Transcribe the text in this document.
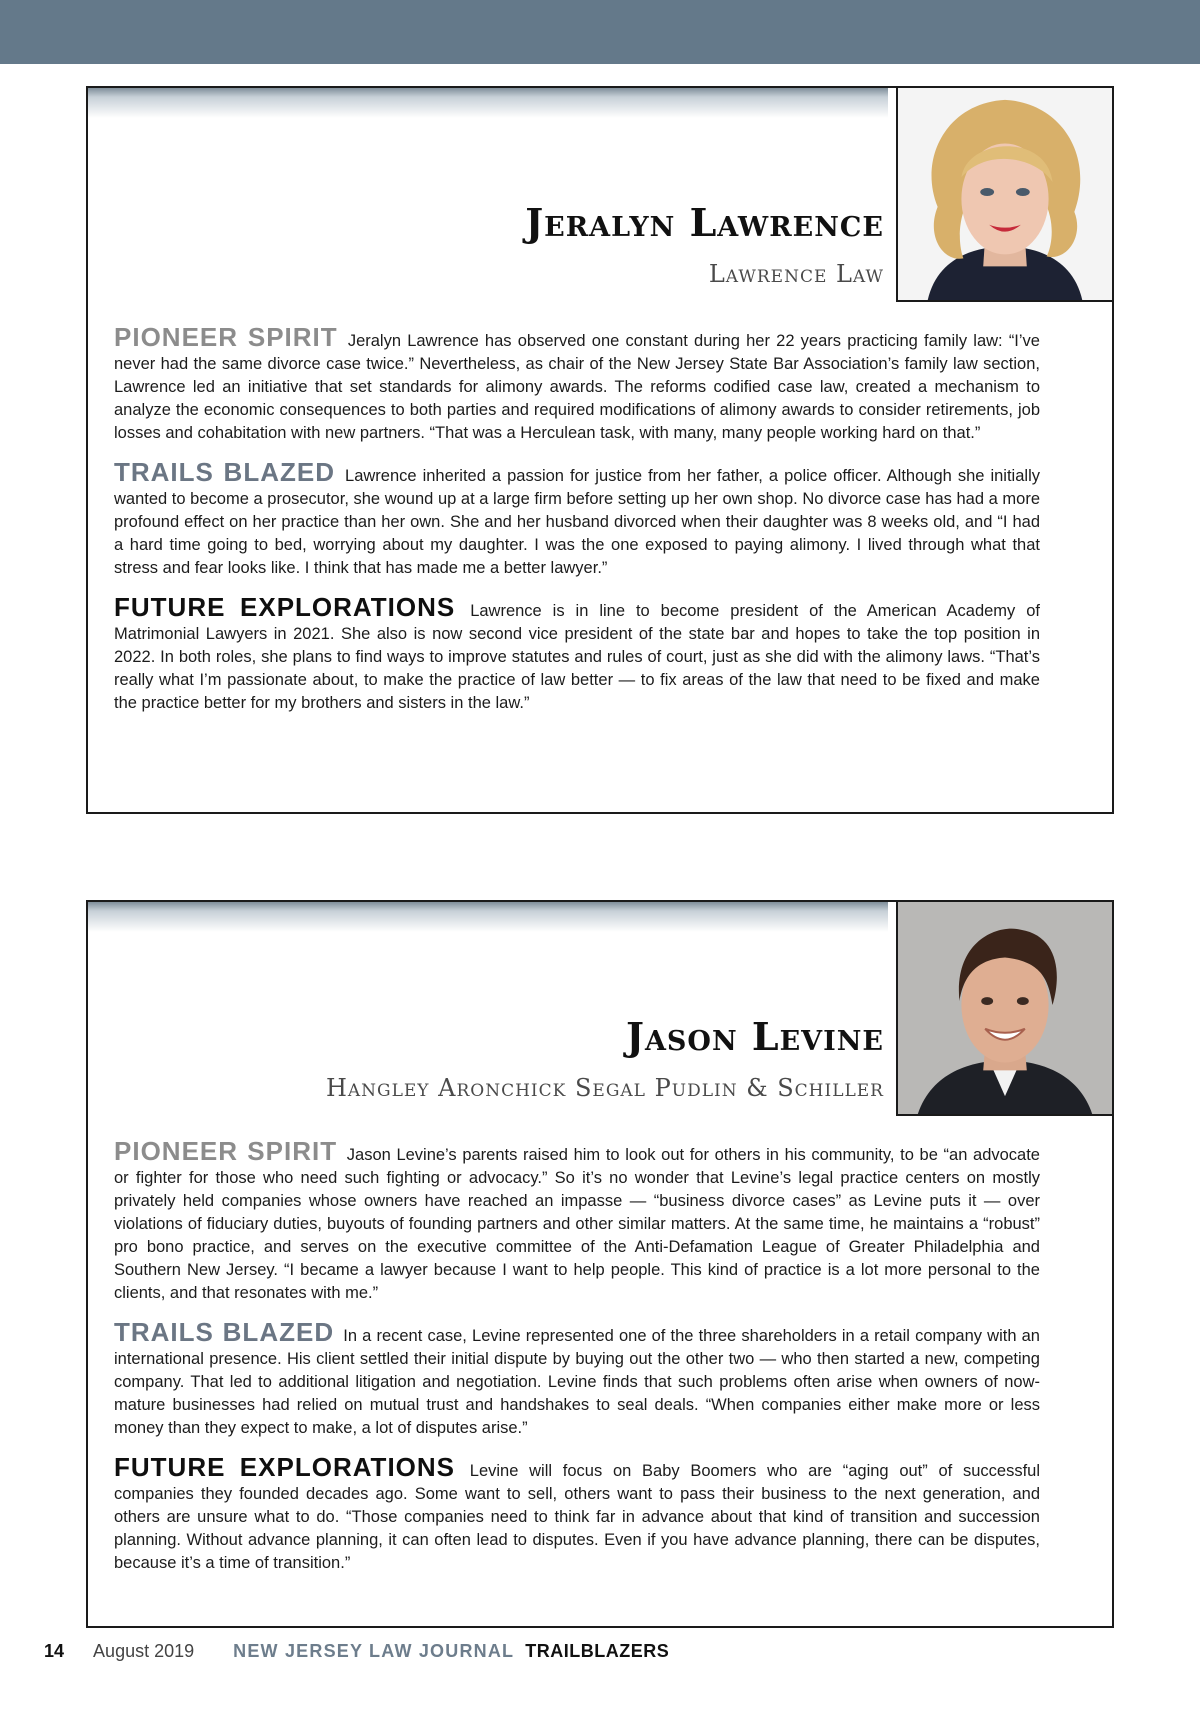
Jeralyn Lawrence
Lawrence Law

PIONEER SPIRIT Jeralyn Lawrence has observed one constant during her 22 years practicing family law: “I’ve never had the same divorce case twice.” Nevertheless, as chair of the New Jersey State Bar Association’s family law section, Lawrence led an initiative that set standards for alimony awards. The reforms codified case law, created a mechanism to analyze the economic consequences to both parties and required modifications of alimony awards to consider retirements, job losses and cohabitation with new partners. “That was a Herculean task, with many, many people working hard on that.”

TRAILS BLAZED Lawrence inherited a passion for justice from her father, a police officer. Although she initially wanted to become a prosecutor, she wound up at a large firm before setting up her own shop. No divorce case has had a more profound effect on her practice than her own. She and her husband divorced when their daughter was 8 weeks old, and “I had a hard time going to bed, worrying about my daughter. I was the one exposed to paying alimony. I lived through what that stress and fear looks like. I think that has made me a better lawyer.”

FUTURE EXPLORATIONS Lawrence is in line to become president of the American Academy of Matrimonial Lawyers in 2021. She also is now second vice president of the state bar and hopes to take the top position in 2022. In both roles, she plans to find ways to improve statutes and rules of court, just as she did with the alimony laws. “That’s really what I’m passionate about, to make the practice of law better — to fix areas of the law that need to be fixed and make the practice better for my brothers and sisters in the law.”

Jason Levine
Hangley Aronchick Segal Pudlin & Schiller

PIONEER SPIRIT Jason Levine’s parents raised him to look out for others in his community, to be “an advocate or fighter for those who need such fighting or advocacy.” So it’s no wonder that Levine’s legal practice centers on mostly privately held companies whose owners have reached an impasse — “business divorce cases” as Levine puts it — over violations of fiduciary duties, buyouts of founding partners and other similar matters. At the same time, he maintains a “robust” pro bono practice, and serves on the executive committee of the Anti-Defamation League of Greater Philadelphia and Southern New Jersey. “I became a lawyer because I want to help people. This kind of practice is a lot more personal to the clients, and that resonates with me.”

TRAILS BLAZED In a recent case, Levine represented one of the three shareholders in a retail company with an international presence. His client settled their initial dispute by buying out the other two — who then started a new, competing company. That led to additional litigation and negotiation. Levine finds that such problems often arise when owners of now-mature businesses had relied on mutual trust and handshakes to seal deals. “When companies either make more or less money than they expect to make, a lot of disputes arise.”

FUTURE EXPLORATIONS Levine will focus on Baby Boomers who are “aging out” of successful companies they founded decades ago. Some want to sell, others want to pass their business to the next generation, and others are unsure what to do. “Those companies need to think far in advance about that kind of transition and succession planning. Without advance planning, it can often lead to disputes. Even if you have advance planning, there can be disputes, because it’s a time of transition.”

14 August 2019 NEW JERSEY LAW JOURNAL TRAILBLAZERS
